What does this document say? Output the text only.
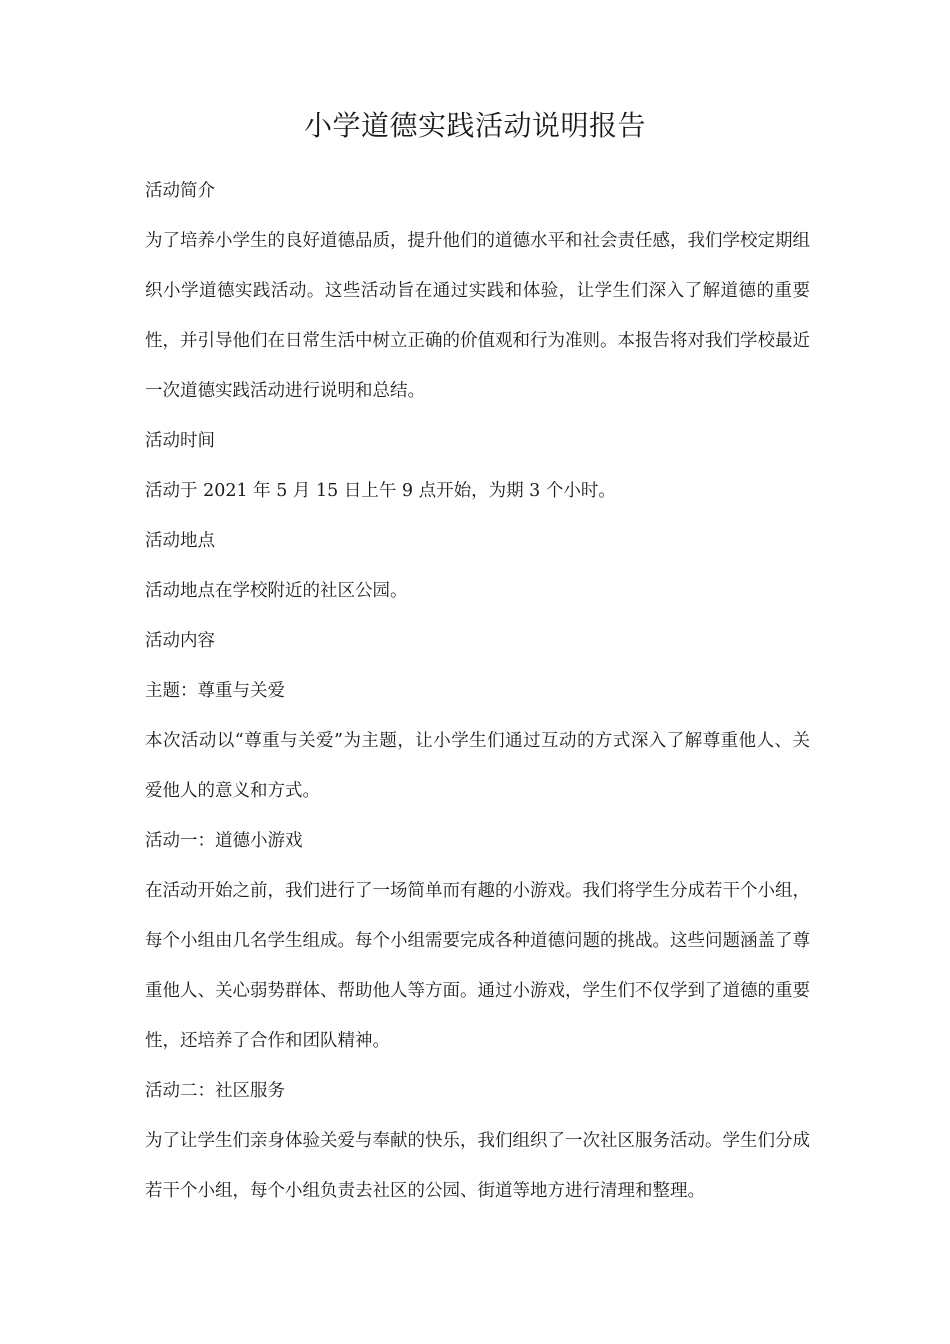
小学道德实践活动说明报告

活动简介

为了培养小学生的良好道德品质，提升他们的道德水平和社会责任感，我们学校定期组织小学道德实践活动。这些活动旨在通过实践和体验，让学生们深入了解道德的重要性，并引导他们在日常生活中树立正确的价值观和行为准则。本报告将对我们学校最近一次道德实践活动进行说明和总结。

活动时间

活动于 2021 年 5 月 15 日上午 9 点开始，为期 3 个小时。

活动地点

活动地点在学校附近的社区公园。

活动内容

主题：尊重与关爱

本次活动以“尊重与关爱”为主题，让小学生们通过互动的方式深入了解尊重他人、关爱他人的意义和方式。

活动一：道德小游戏

在活动开始之前，我们进行了一场简单而有趣的小游戏。我们将学生分成若干个小组，每个小组由几名学生组成。每个小组需要完成各种道德问题的挑战。这些问题涵盖了尊重他人、关心弱势群体、帮助他人等方面。通过小游戏，学生们不仅学到了道德的重要性，还培养了合作和团队精神。

活动二：社区服务

为了让学生们亲身体验关爱与奉献的快乐，我们组织了一次社区服务活动。学生们分成若干个小组，每个小组负责去社区的公园、街道等地方进行清理和整理。
